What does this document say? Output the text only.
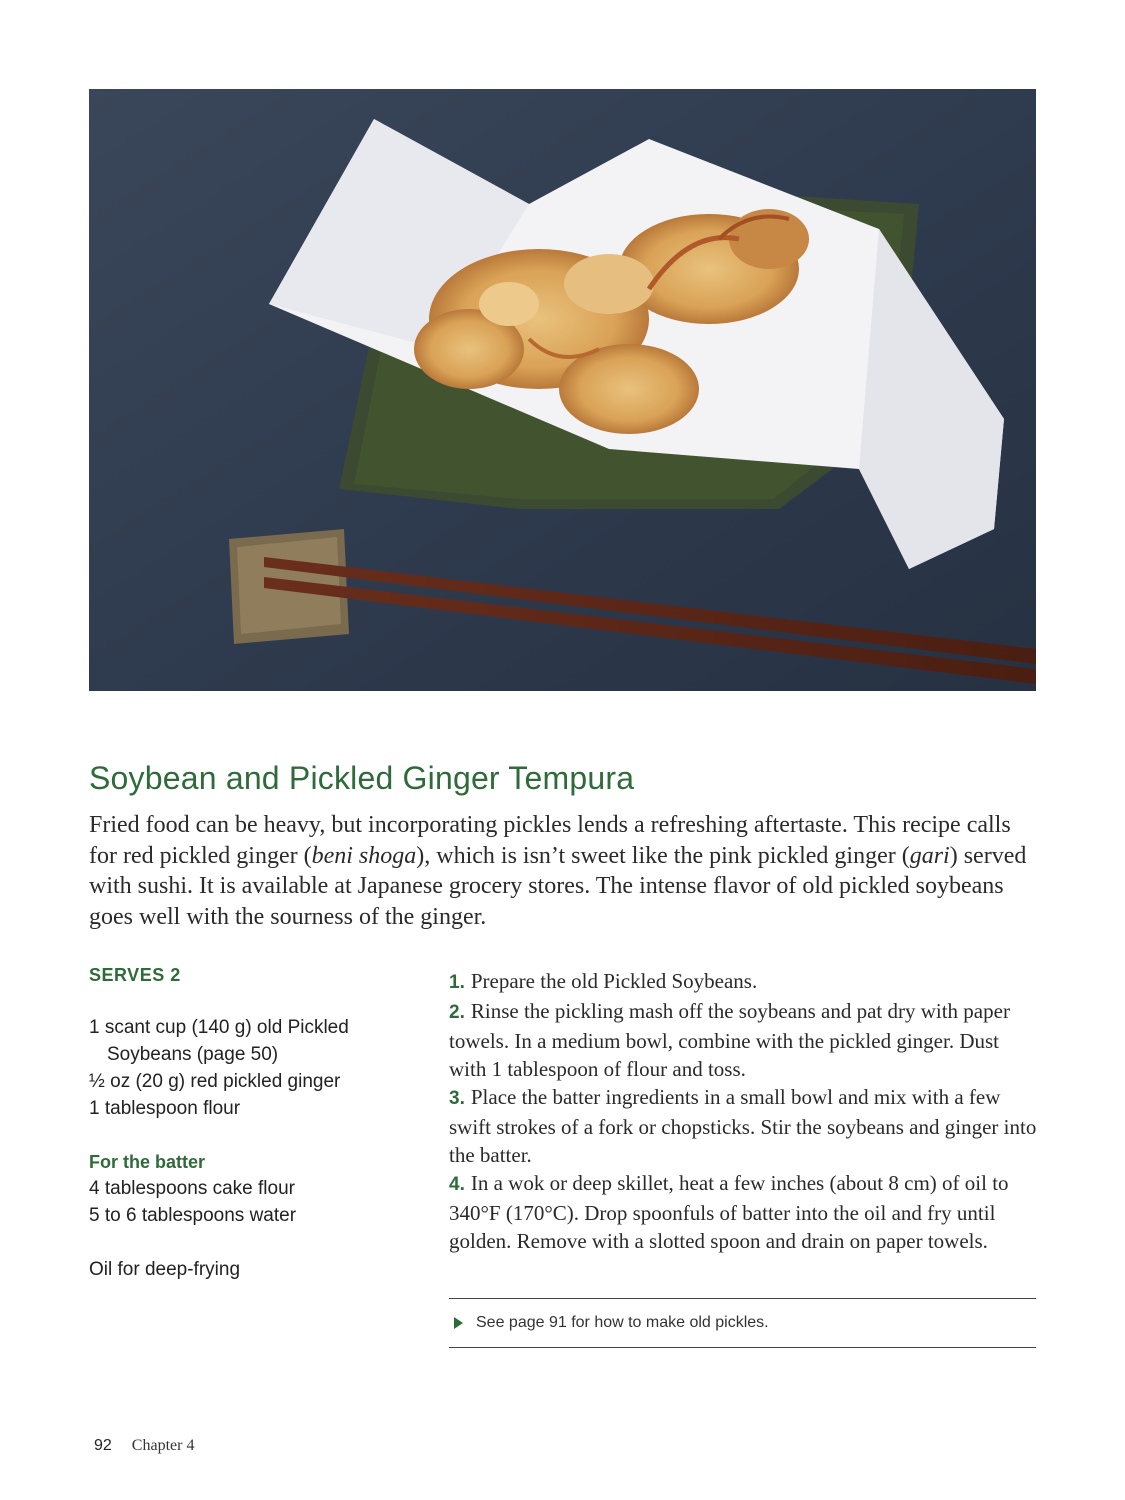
Soybean and Pickled Ginger Tempura

Fried food can be heavy, but incorporating pickles lends a refreshing aftertaste. This recipe calls for red pickled ginger (beni shoga), which is isn’t sweet like the pink pickled ginger (gari) served with sushi. It is available at Japanese grocery stores. The intense flavor of old pickled soybeans goes well with the sourness of the ginger.

SERVES 2

1 scant cup (140 g) old Pickled

Soybeans (page 50)

½ oz (20 g) red pickled ginger

1 tablespoon flour

For the batter

4 tablespoons cake flour

5 to 6 tablespoons water

Oil for deep-frying

1. Prepare the old Pickled Soybeans.

2. Rinse the pickling mash off the soybeans and pat dry with paper towels. In a medium bowl, combine with the pickled ginger. Dust with 1 tablespoon of flour and toss.

3. Place the batter ingredients in a small bowl and mix with a few swift strokes of a fork or chopsticks. Stir the soybeans and ginger into the batter.

4. In a wok or deep skillet, heat a few inches (about 8 cm) of oil to 340°F (170°C). Drop spoonfuls of batter into the oil and fry until golden. Remove with a slotted spoon and drain on paper towels.

See page 91 for how to make old pickles.
92 Chapter 4
